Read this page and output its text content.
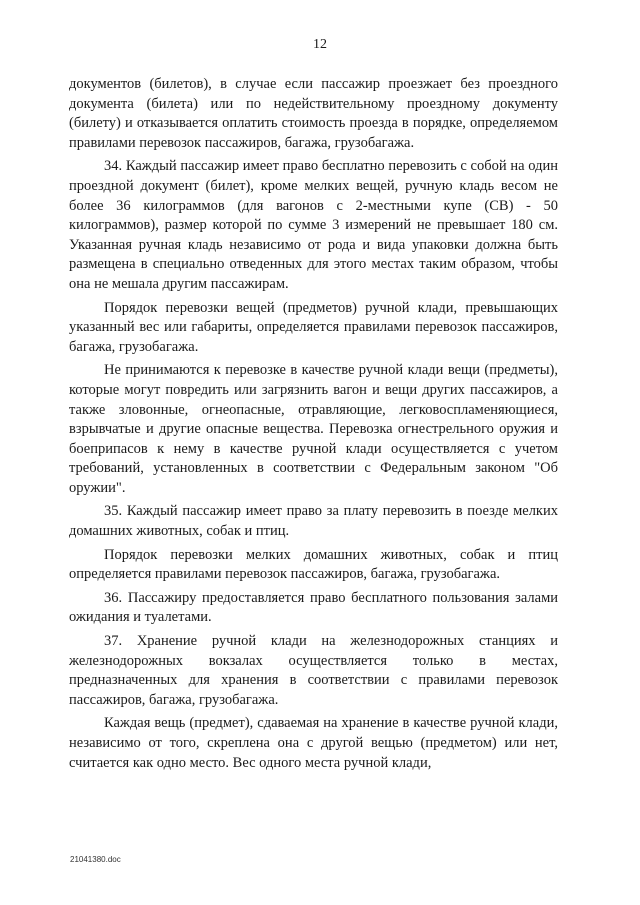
12

документов (билетов), в случае если пассажир проезжает без проездного документа (билета) или по недействительному проездному документу (билету) и отказывается оплатить стоимость проезда в порядке, определяемом правилами перевозок пассажиров, багажа, грузобагажа.

34. Каждый пассажир имеет право бесплатно перевозить с собой на один проездной документ (билет), кроме мелких вещей, ручную кладь весом не более 36 килограммов (для вагонов с 2-местными купе (СВ) - 50 килограммов), размер которой по сумме 3 измерений не превышает 180 см. Указанная ручная кладь независимо от рода и вида упаковки должна быть размещена в специально отведенных для этого местах таким образом, чтобы она не мешала другим пассажирам.

Порядок перевозки вещей (предметов) ручной клади, превышающих указанный вес или габариты, определяется правилами перевозок пассажиров, багажа, грузобагажа.

Не принимаются к перевозке в качестве ручной клади вещи (предметы), которые могут повредить или загрязнить вагон и вещи других пассажиров, а также зловонные, огнеопасные, отравляющие, легковоспламеняющиеся, взрывчатые и другие опасные вещества. Перевозка огнестрельного оружия и боеприпасов к нему в качестве ручной клади осуществляется с учетом требований, установленных в соответствии с Федеральным законом "Об оружии".

35. Каждый пассажир имеет право за плату перевозить в поезде мелких домашних животных, собак и птиц.

Порядок перевозки мелких домашних животных, собак и птиц определяется правилами перевозок пассажиров, багажа, грузобагажа.

36. Пассажиру предоставляется право бесплатного пользования залами ожидания и туалетами.

37. Хранение ручной клади на железнодорожных станциях и железнодорожных вокзалах осуществляется только в местах, предназначенных для хранения в соответствии с правилами перевозок пассажиров, багажа, грузобагажа.

Каждая вещь (предмет), сдаваемая на хранение в качестве ручной клади, независимо от того, скреплена она с другой вещью (предметом) или нет, считается как одно место. Вес одного места ручной клади,

21041380.doc
